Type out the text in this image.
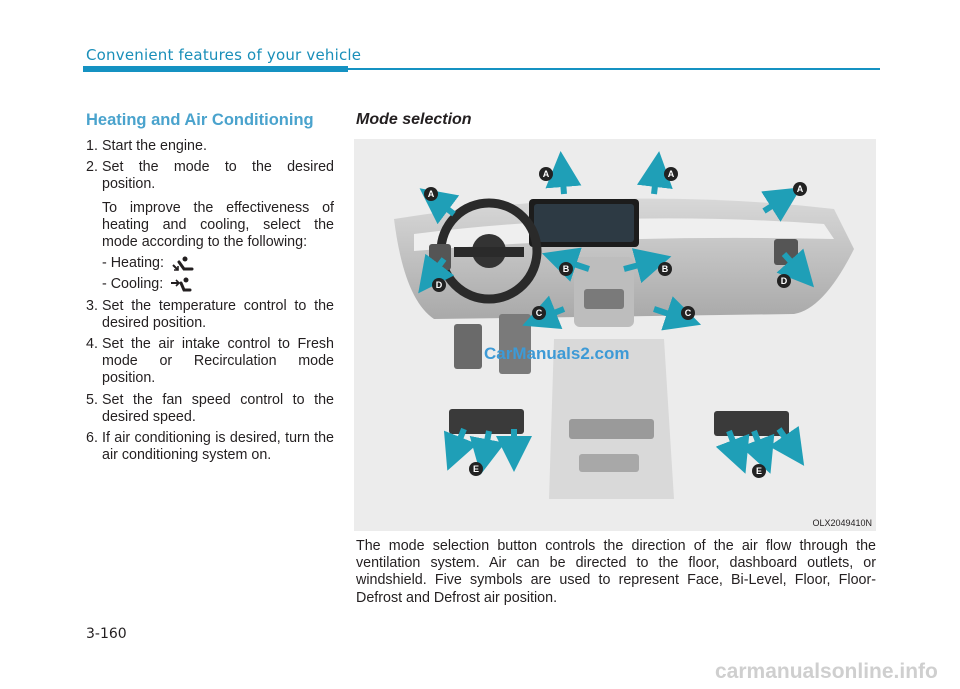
Convenient features of your vehicle
Heating and Air Conditioning
1. Start the engine.
2. Set the mode to the desired position.
To improve the effectiveness of heating and cooling, select the mode according to the following:
- Heating:
- Cooling:
3. Set the temperature control to the desired position.
4. Set the air intake control to Fresh mode or Recirculation mode position.
5. Set the fan speed control to the desired speed.
6. If air conditioning is desired, turn the air conditioning system on.
Mode selection
A
A	A
A
B	B
C	C
D	D
E	E
CarManuals2.com
OLX2049410N

The mode selection button controls the direction of the air flow through the ventilation system. Air can be directed to the floor, dashboard outlets, or windshield. Five symbols are used to represent Face, Bi-Level, Floor, Floor-Defrost and Defrost air position.

3-160
carmanualsonline.info
